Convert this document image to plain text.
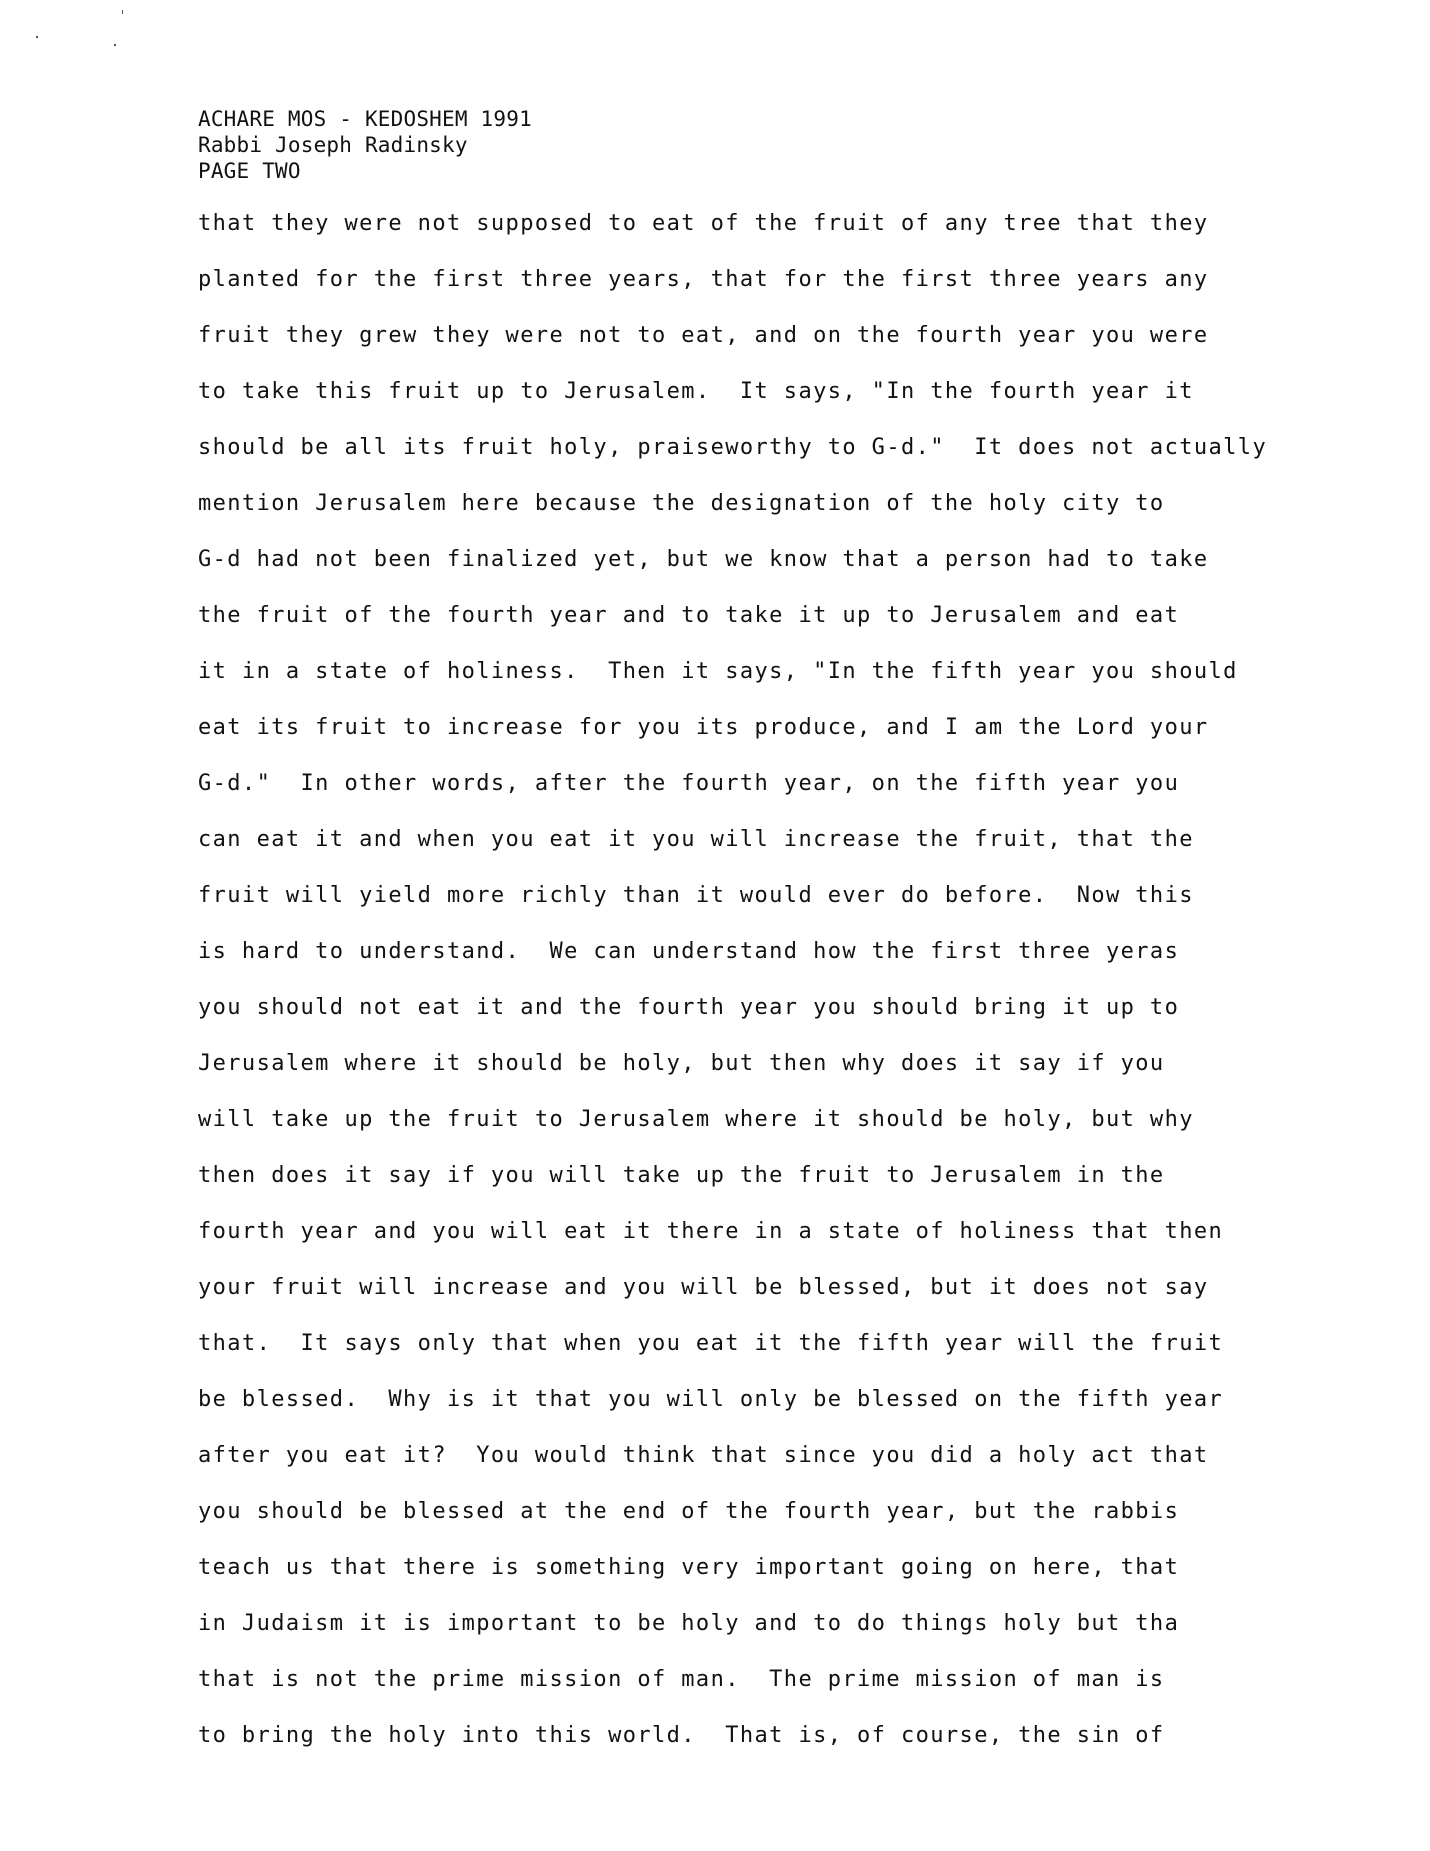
ACHARE MOS - KEDOSHEM 1991
Rabbi Joseph Radinsky
PAGE TWO
that they were not supposed to eat of the fruit of any tree that they
planted for the first three years, that for the first three years any
fruit they grew they were not to eat, and on the fourth year you were
to take this fruit up to Jerusalem.  It says, "In the fourth year it
should be all its fruit holy, praiseworthy to G-d."  It does not actually
mention Jerusalem here because the designation of the holy city to
G-d had not been finalized yet, but we know that a person had to take
the fruit of the fourth year and to take it up to Jerusalem and eat
it in a state of holiness.  Then it says, "In the fifth year you should
eat its fruit to increase for you its produce, and I am the Lord your
G-d."  In other words, after the fourth year, on the fifth year you
can eat it and when you eat it you will increase the fruit, that the
fruit will yield more richly than it would ever do before.  Now this
is hard to understand.  We can understand how the first three yeras
you should not eat it and the fourth year you should bring it up to
Jerusalem where it should be holy, but then why does it say if you
will take up the fruit to Jerusalem where it should be holy, but why
then does it say if you will take up the fruit to Jerusalem in the
fourth year and you will eat it there in a state of holiness that then
your fruit will increase and you will be blessed, but it does not say
that.  It says only that when you eat it the fifth year will the fruit
be blessed.  Why is it that you will only be blessed on the fifth year
after you eat it?  You would think that since you did a holy act that
you should be blessed at the end of the fourth year, but the rabbis
teach us that there is something very important going on here, that
in Judaism it is important to be holy and to do things holy but tha
that is not the prime mission of man.  The prime mission of man is
to bring the holy into this world.  That is, of course, the sin of
